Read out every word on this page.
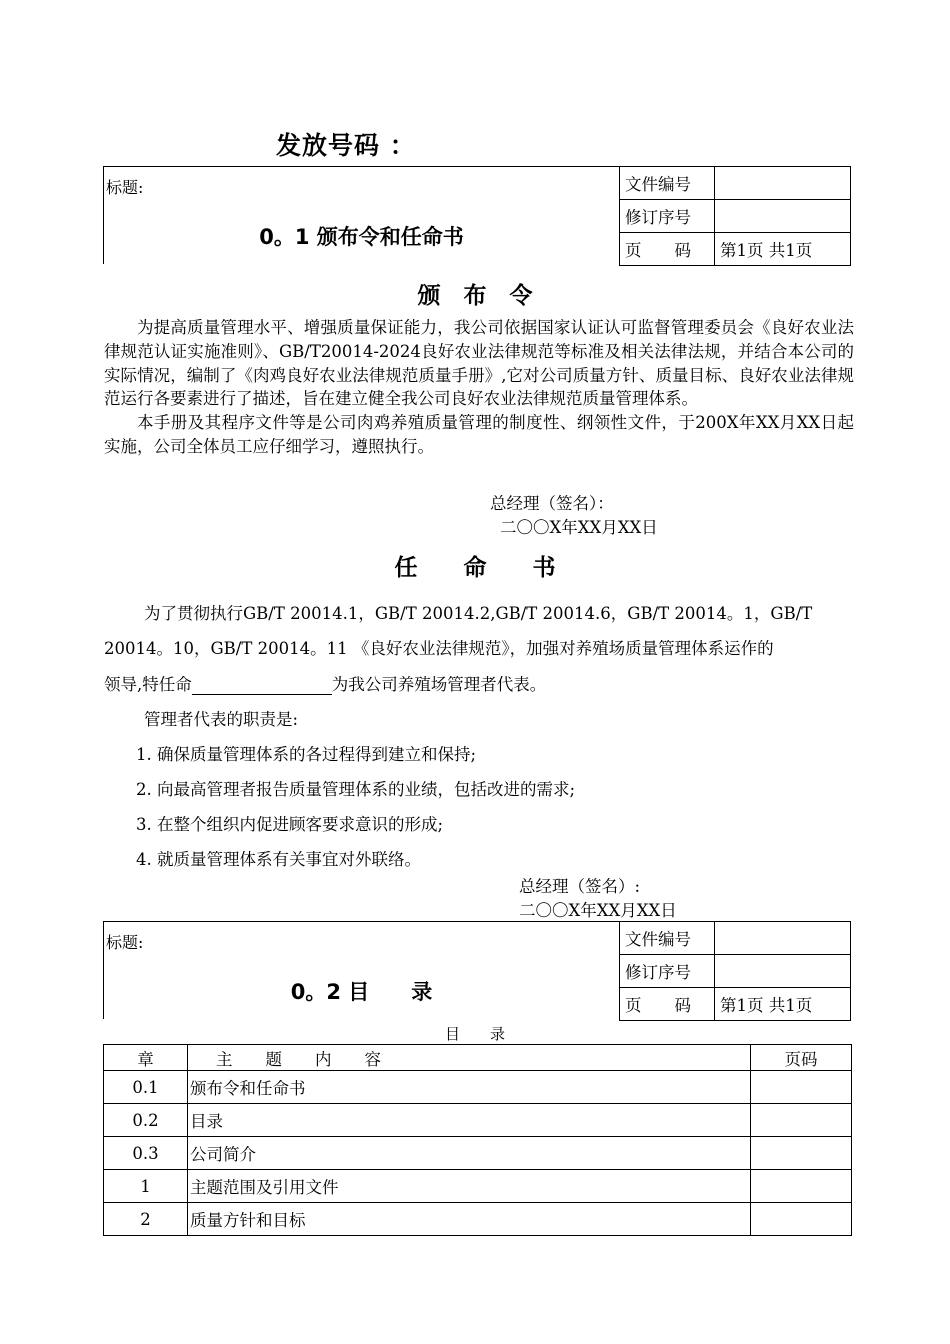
发放号码 ：
标题:
0。1 颁布令和任命书
文件编号	
修订序号	
页　　码	第1页 共1页
颁　布　令

为提高质量管理水平、增强质量保证能力，我公司依据国家认证认可监督管理委员会《良好农业法律规范认证实施准则》、GB/T20014-2024良好农业法律规范等标准及相关法律法规，并结合本公司的实际情况，编制了《肉鸡良好农业法律规范质量手册》,它对公司质量方针、质量目标、良好农业法律规范运行各要素进行了描述，旨在建立健全我公司良好农业法律规范质量管理体系。

本手册及其程序文件等是公司肉鸡养殖质量管理的制度性、纲领性文件，于200X年XX月XX日起实施，公司全体员工应仔细学习，遵照执行。

总经理（签名）：
二〇〇X年XX月XX日
任　　命　　书
为了贯彻执行GB/T 20014.1，GB/T 20014.2,GB/T 20014.6，GB/T 20014。1，GB/T
20014。10，GB/T 20014。11 《良好农业法律规范》，加强对养殖场质量管理体系运作的
领导,特任命	为我公司养殖场管理者代表。
管理者代表的职责是:
1. 确保质量管理体系的各过程得到建立和保持;
2. 向最高管理者报告质量管理体系的业绩，包括改进的需求;
3. 在整个组织内促进顾客要求意识的形成;
4. 就质量管理体系有关事宜对外联络。
总经理（签名）:
二〇〇X年XX月XX日
标题:
0。2 目　　录
文件编号	
修订序号	
页　　码	第1页 共1页
目　　录
章	主　　题　　内　　容	页码
0.1	颁布令和任命书	
0.2	目录	
0.3	公司简介	
1	主题范围及引用文件	
2	质量方针和目标	
